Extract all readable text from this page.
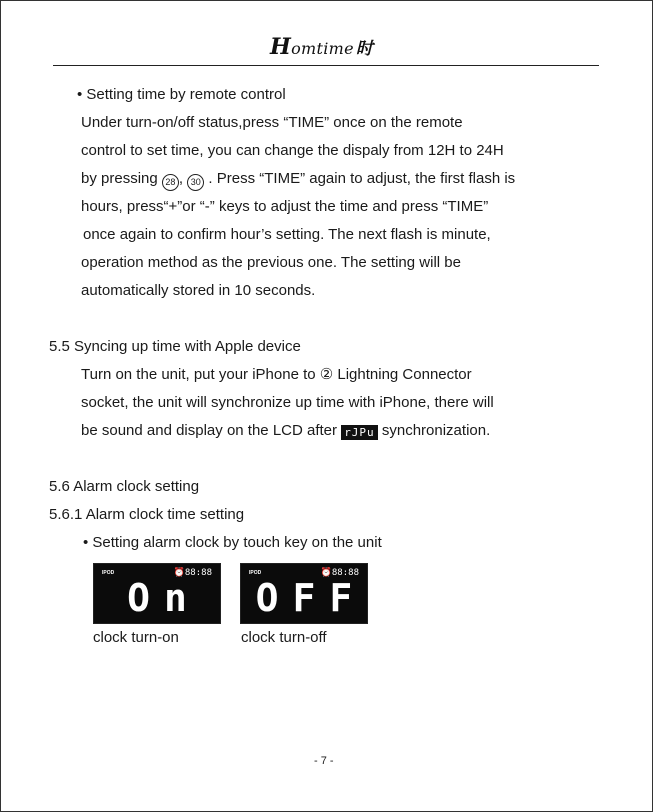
Homtime 时
• Setting time by remote control
Under turn-on/off status,press “TIME” once on the remote
control to set time, you can change the dispaly from 12H to 24H
by pressing 28 , 30 . Press “TIME” again to adjust, the first flash is
hours, press“+”or “-” keys to adjust the time and press “TIME”
once again to confirm hour’s setting. The next flash is minute,
operation method as the previous one. The setting will be
automatically stored in 10 seconds.
5.5 Syncing up time with Apple device
Turn on the unit, put your iPhone to ② Lightning Connector
socket, the unit will synchronize up time with iPhone, there will
be sound and display on the LCD after rJPu synchronization.
5.6 Alarm clock setting
5.6.1 Alarm clock time setting
• Setting alarm clock by touch key on the unit
IPOD	⏰88:88
On
IPOD	⏰88:88
OFF
clock turn-on	clock turn-off
- 7 -
